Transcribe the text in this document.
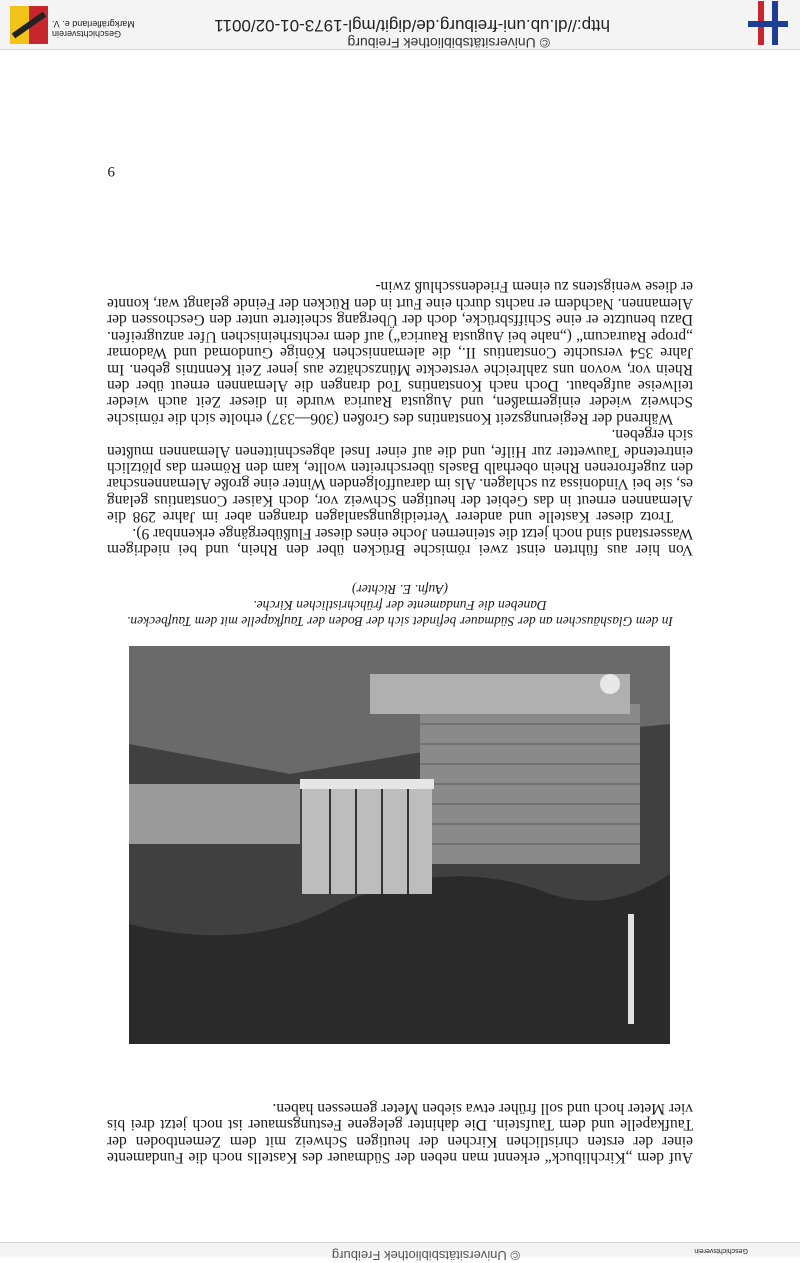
© Universitätsbibliothek Freiburg	Geschichtsverein

Auf dem „Kirchlibuck“ erkennt man neben der Südmauer des Kastells noch die Fundamente einer der ersten christlichen Kirchen der heutigen Schweiz mit dem Zementboden der Taufkapelle und dem Taufstein. Die dahinter gelegene Festungsmauer ist noch jetzt drei bis vier Meter hoch und soll früher etwa sieben Meter gemessen haben.

In dem Glashäuschen an der Südmauer befindet sich der Boden der Taufkapelle mit dem Taufbecken. Daneben die Fundamente der frühchristlichen Kirche.
(Aufn. E. Richter)

Von hier aus führten einst zwei römische Brücken über den Rhein, und bei niedrigem Wasserstand sind noch jetzt die steinernen Joche eines dieser Flußübergänge erkennbar 9).

Trotz dieser Kastelle und anderer Verteidigungsanlagen drangen aber im Jahre 298 die Alemannen erneut in das Gebiet der heutigen Schweiz vor, doch Kaiser Constantius gelang es, sie bei Vindonissa zu schlagen. Als im darauffolgenden Winter eine große Alemannenschar den zugefrorenen Rhein oberhalb Basels überschreiten wollte, kam den Römern das plötzlich eintretende Tauwetter zur Hilfe, und die auf einer Insel abgeschnittenen Alemannen mußten sich ergeben.

Während der Regierungszeit Konstantins des Großen (306—337) erholte sich die römische Schweiz wieder einigermaßen, und Augusta Raurica wurde in dieser Zeit auch wieder teilweise aufgebaut. Doch nach Konstantins Tod drangen die Alemannen erneut über den Rhein vor, wovon uns zahlreiche versteckte Münzschätze aus jener Zeit Kenntnis geben. Im Jahre 354 versuchte Constantius II., die alemannischen Könige Gundomad und Wadomar „prope Rauracum“ („nahe bei Augusta Raurica“) auf dem rechtsrheinischen Ufer anzugreifen. Dazu benutzte er eine Schiffsbrücke, doch der Übergang scheiterte unter den Geschossen der Alemannen. Nachdem er nachts durch eine Furt in den Rücken der Feinde gelangt war, konnte er diese wenigstens zu einem Friedensschluß zwin-

9
http://dl.ub.uni-freiburg.de/digit/mgl-1973-01-02/0011
© Universitätsbibliothek Freiburg
Geschichtsverein
Markgräflerland e. V.
